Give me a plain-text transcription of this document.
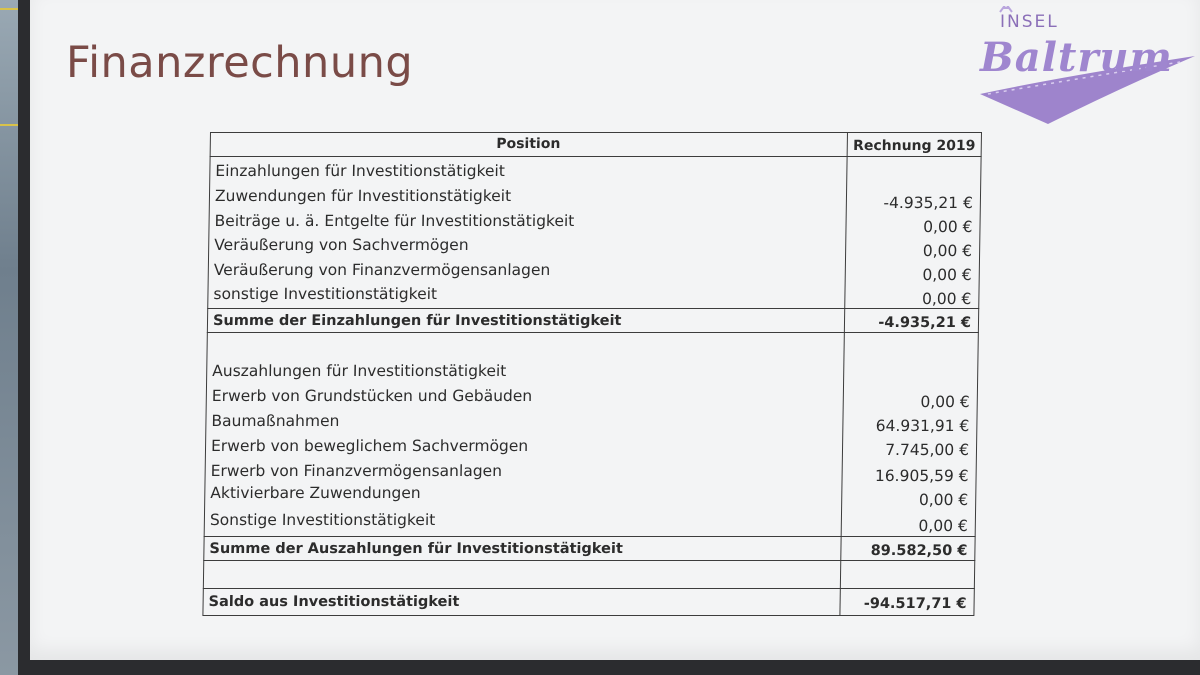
Finanzrechnung
INSEL
Baltrum
Position	Rechnung 2019
Einzahlungen für Investitionstätigkeit
Zuwendungen für Investitionstätigkeit	-4.935,21 €
Beiträge u. ä. Entgelte für Investitionstätigkeit	0,00 €
Veräußerung von Sachvermögen	0,00 €
Veräußerung von Finanzvermögensanlagen	0,00 €
sonstige Investitionstätigkeit	0,00 €
Summe der Einzahlungen für Investitionstätigkeit	-4.935,21 €
Auszahlungen für Investitionstätigkeit
Erwerb von Grundstücken und Gebäuden	0,00 €
Baumaßnahmen	64.931,91 €
Erwerb von beweglichem Sachvermögen	7.745,00 €
Erwerb von Finanzvermögensanlagen	16.905,59 €
Aktivierbare Zuwendungen	0,00 €
Sonstige Investitionstätigkeit	0,00 €
Summe der Auszahlungen für Investitionstätigkeit	89.582,50 €
Saldo aus Investitionstätigkeit	-94.517,71 €
